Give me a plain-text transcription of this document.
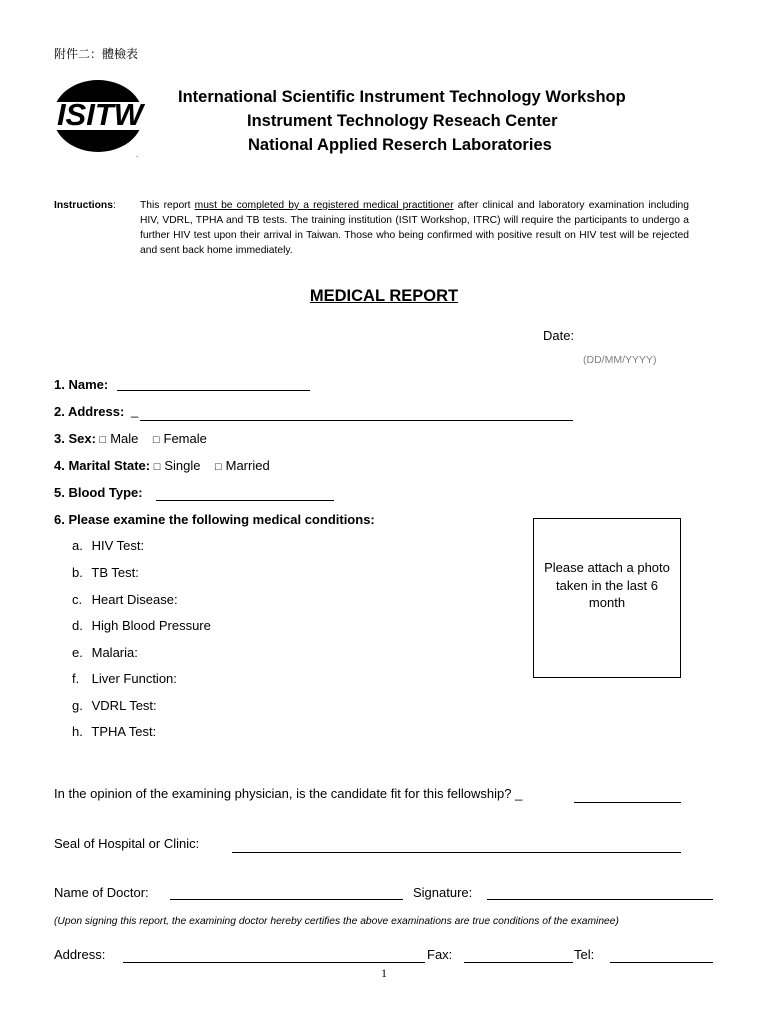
附件二：體檢表
ISITW
.
International Scientific Instrument Technology Workshop
Instrument Technology Reseach Center
National Applied Reserch Laboratories
Instructions:	This report must be completed by a registered medical practitioner after clinical and laboratory examination including HIV, VDRL, TPHA and TB tests. The training institution (ISIT Workshop, ITRC) will require the participants to undergo a further HIV test upon their arrival in Taiwan. Those who being confirmed with positive result on HIV test will be rejected and sent back home immediately.
MEDICAL REPORT
Date:
(DD/MM/YYYY)
1. Name:
2. Address: _
3. Sex: □ Male □ Female
4. Marital State: □ Single □ Married
5. Blood Type:
6. Please examine the following medical conditions:
a. HIV Test:
b. TB Test:
c. Heart Disease:
d. High Blood Pressure
e. Malaria:
f. Liver Function:
g. VDRL Test:
h. TPHA Test:
Please attach a photo taken in the last 6 month
In the opinion of the examining physician, is the candidate fit for this fellowship? _
Seal of Hospital or Clinic:
Name of Doctor:	Signature:
(Upon signing this report, the examining doctor hereby certifies the above examinations are true conditions of the examinee)
Address:	Fax:	Tel:
1
